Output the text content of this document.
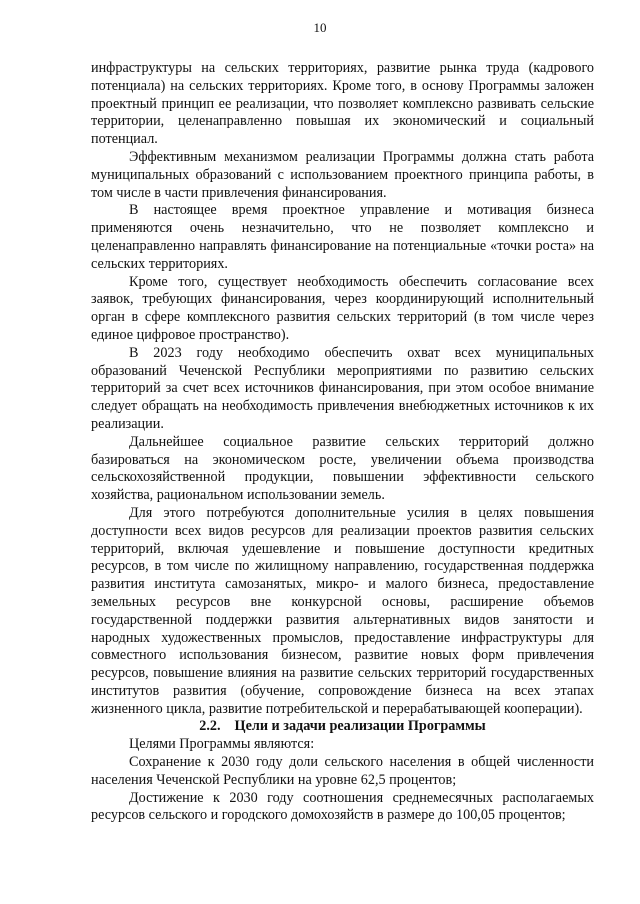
10

инфраструктуры на сельских территориях, развитие рынка труда (кадрового потенциала) на сельских территориях. Кроме того, в основу Программы заложен проектный принцип ее реализации, что позволяет комплексно развивать сельские территории, целенаправленно повышая их экономический и социальный потенциал.

Эффективным механизмом реализации Программы должна стать работа муниципальных образований с использованием проектного принципа работы, в том числе в части привлечения финансирования.

В настоящее время проектное управление и мотивация бизнеса применяются очень незначительно, что не позволяет комплексно и целенаправленно направлять финансирование на потенциальные «точки роста» на сельских территориях.

Кроме того, существует необходимость обеспечить согласование всех заявок, требующих финансирования, через координирующий исполнительный орган в сфере комплексного развития сельских территорий (в том числе через единое цифровое пространство).

В 2023 году необходимо обеспечить охват всех муниципальных образований Чеченской Республики мероприятиями по развитию сельских территорий за счет всех источников финансирования, при этом особое внимание следует обращать на необходимость привлечения внебюджетных источников к их реализации.

Дальнейшее социальное развитие сельских территорий должно базироваться на экономическом росте, увеличении объема производства сельскохозяйственной продукции, повышении эффективности сельского хозяйства, рациональном использовании земель.

Для этого потребуются дополнительные усилия в целях повышения доступности всех видов ресурсов для реализации проектов развития сельских территорий, включая удешевление и повышение доступности кредитных ресурсов, в том числе по жилищному направлению, государственная поддержка развития института самозанятых, микро- и малого бизнеса, предоставление земельных ресурсов вне конкурсной основы, расширение объемов государственной поддержки развития альтернативных видов занятости и народных художественных промыслов, предоставление инфраструктуры для совместного использования бизнесом, развитие новых форм привлечения ресурсов, повышение влияния на развитие сельских территорий государственных институтов развития (обучение, сопровождение бизнеса на всех этапах жизненного цикла, развитие потребительской и перерабатывающей кооперации).

2.2. Цели и задачи реализации Программы

Целями Программы являются:

Сохранение к 2030 году доли сельского населения в общей численности населения Чеченской Республики на уровне 62,5 процентов;

Достижение к 2030 году соотношения среднемесячных располагаемых ресурсов сельского и городского домохозяйств в размере до 100,05 процентов;
